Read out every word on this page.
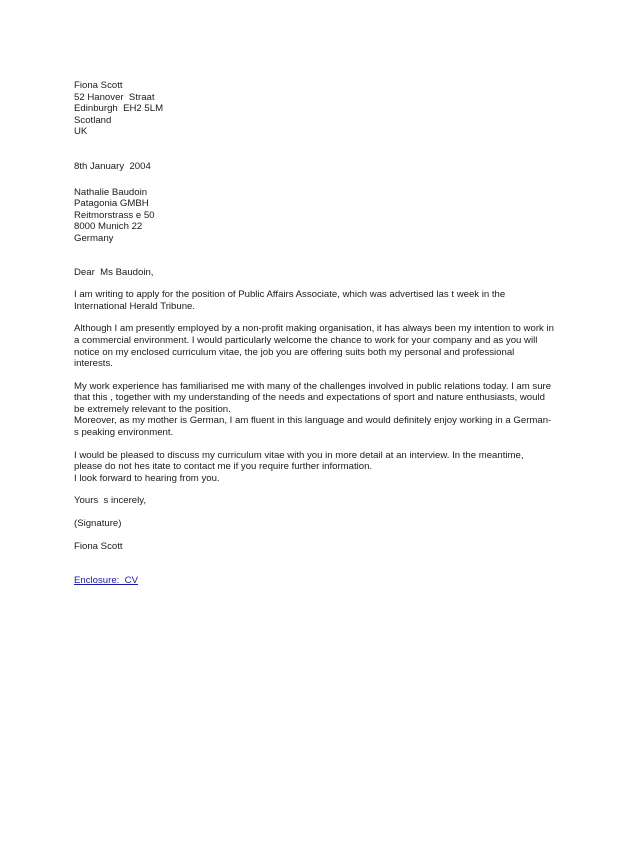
Fiona Scott
52 Hanover  Straat
Edinburgh  EH2 5LM
Scotland
UK
8th January  2004
Nathalie Baudoin
Patagonia GMBH
Reitmorstrass e 50
8000 Munich 22
Germany
Dear  Ms Baudoin,

I am writing to apply for the position of Public Affairs Associate, which was advertised las t week in the International Herald Tribune.

Although I am presently employed by a non-profit making organisation, it has always been my intention to work in a commercial environment. I would particularly welcome the chance to work for your company and as you will notice on my enclosed curriculum vitae, the job you are offering suits both my personal and professional interests.

My work experience has familiarised me with many of the challenges involved in public relations today. I am sure that this , together with my understanding of the needs and expectations of sport and nature enthusiasts, would be extremely relevant to the position.

Moreover, as my mother is German, I am fluent in this language and would definitely enjoy working in a German-s peaking environment.

I would be pleased to discuss my curriculum vitae with you in more detail at an interview. In the meantime, please do not hes itate to contact me if you require further information.

I look forward to hearing from you.

Yours  s incerely,
(Signature)
Fiona Scott
Enclosure:  CV
